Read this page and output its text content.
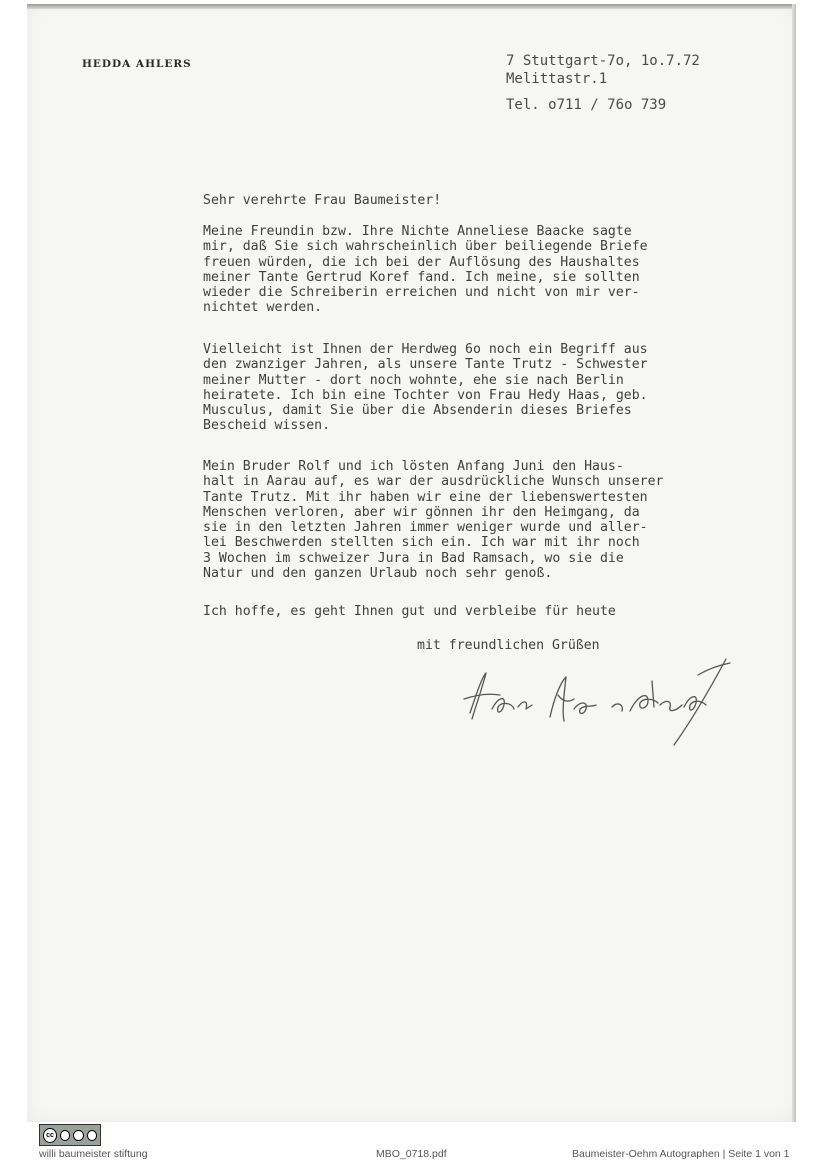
HEDDA AHLERS	7 Stuttgart-7o, 1o.7.72
Melittastr.1
Tel. o711 / 76o 739
Sehr verehrte Frau Baumeister!
Meine Freundin bzw. Ihre Nichte Anneliese Baacke sagte
mir, daß Sie sich wahrscheinlich über beiliegende Briefe
freuen würden, die ich bei der Auflösung des Haushaltes
meiner Tante Gertrud Koref fand. Ich meine, sie sollten
wieder die Schreiberin erreichen und nicht von mir ver-
nichtet werden.
Vielleicht ist Ihnen der Herdweg 6o noch ein Begriff aus
den zwanziger Jahren, als unsere Tante Trutz - Schwester
meiner Mutter - dort noch wohnte, ehe sie nach Berlin
heiratete. Ich bin eine Tochter von Frau Hedy Haas, geb.
Musculus, damit Sie über die Absenderin dieses Briefes
Bescheid wissen.
Mein Bruder Rolf und ich lösten Anfang Juni den Haus-
halt in Aarau auf, es war der ausdrückliche Wunsch unserer
Tante Trutz. Mit ihr haben wir eine der liebenswertesten
Menschen verloren, aber wir gönnen ihr den Heimgang, da
sie in den letzten Jahren immer weniger wurde und aller-
lei Beschwerden stellten sich ein. Ich war mit ihr noch
3 Wochen im schweizer Jura in Bad Ramsach, wo sie die
Natur und den ganzen Urlaub noch sehr genoß.
Ich hoffe, es geht Ihnen gut und verbleibe für heute
mit freundlichen Grüßen
cc
willi baumeister stiftung	MBO_0718.pdf	Baumeister-Oehm Autographen | Seite 1 von 1
